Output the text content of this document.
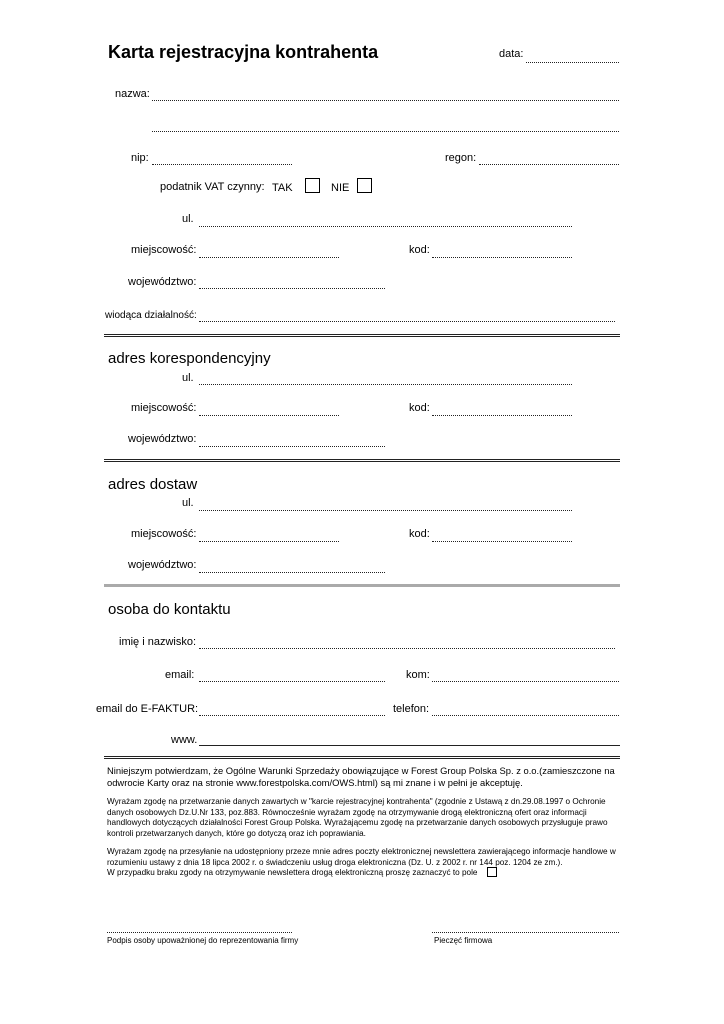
Karta rejestracyjna kontrahenta	data:
nazwa:
nip:	regon:
podatnik VAT czynny: TAK	NIE
ul.
miejscowość:	kod:
województwo:
wiodąca działalność:
adres korespondencyjny
ul.
miejscowość:	kod:
województwo:
adres dostaw
ul.
miejscowość:	kod:
województwo:
osoba do kontaktu
imię i nazwisko:
email:	kom:
email do E-FAKTUR:	telefon:
www.
Niniejszym potwierdzam, że Ogólne Warunki Sprzedaży obowiązujące w Forest Group Polska Sp. z o.o.(zamieszczone na odwrocie Karty oraz na stronie www.forestpolska.com/OWS.html) są mi znane i w pełni je akceptuję.
Wyrażam zgodę na przetwarzanie danych zawartych w "karcie rejestracyjnej kontrahenta" (zgodnie z Ustawą z dn.29.08.1997 o Ochronie danych osobowych Dz.U.Nr 133, poz.883. Równocześnie wyrażam zgodę na otrzymywanie drogą elektroniczną ofert oraz informacji handlowych dotyczących działalności Forest Group Polska. Wyrażającemu zgodę na przetwarzanie danych osobowych przysługuje prawo kontroli przetwarzanych danych, które go dotyczą oraz ich poprawiania.
Wyrażam zgodę na przesyłanie na udostępniony przeze mnie adres poczty elektronicznej newslettera zawierającego informacje handlowe w rozumieniu ustawy z dnia 18 lipca 2002 r. o świadczeniu usług droga elektroniczna (Dz. U. z 2002 r. nr 144 poz. 1204 ze zm.).
W przypadku braku zgody na otrzymywanie newslettera drogą elektroniczną proszę zaznaczyć to pole
Podpis osoby upoważnionej do reprezentowania firmy	Pieczęć firmowa
